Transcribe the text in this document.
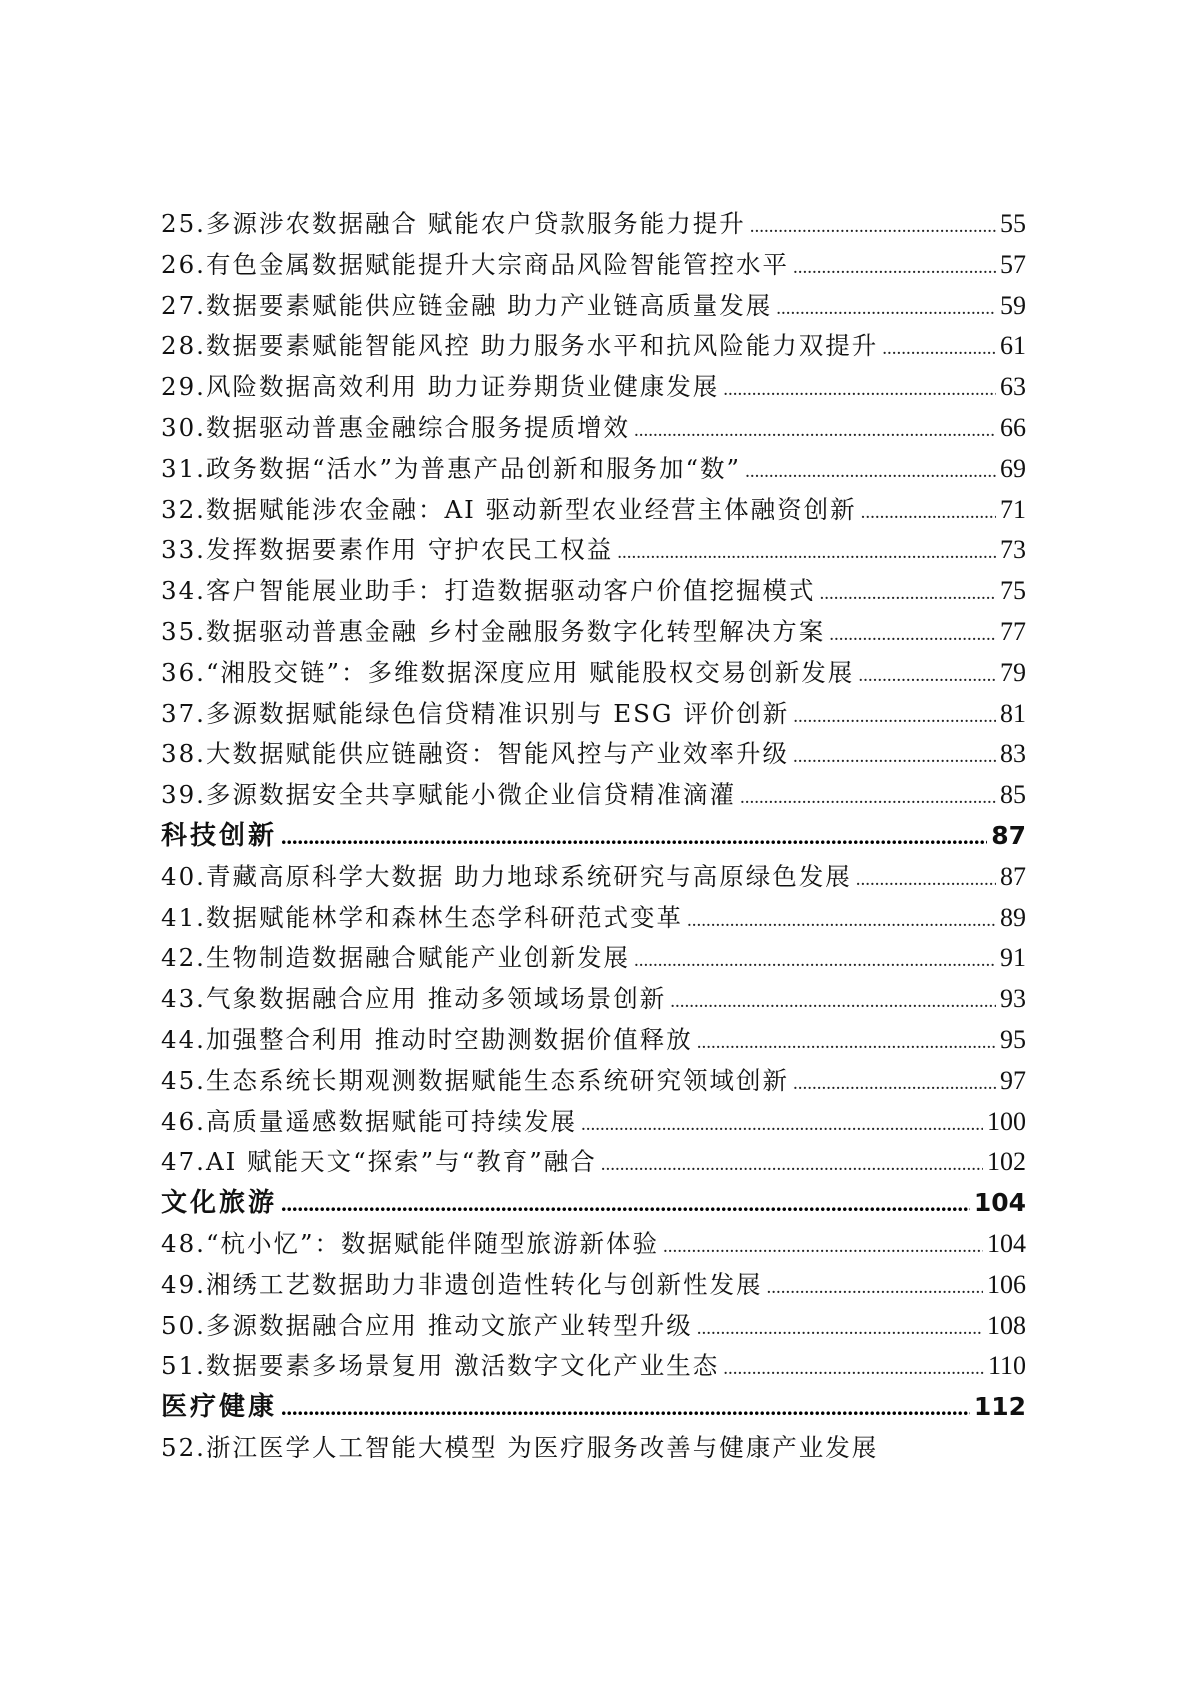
25.多源涉农数据融合 赋能农户贷款服务能力提升 .....	55
26.有色金属数据赋能提升大宗商品风险智能管控水平 .....	57
27.数据要素赋能供应链金融 助力产业链高质量发展 .....	59
28.数据要素赋能智能风控 助力服务水平和抗风险能力双提升 .....	61
29.风险数据高效利用 助力证券期货业健康发展 .....	63
30.数据驱动普惠金融综合服务提质增效 .....	66
31.政务数据“活水”为普惠产品创新和服务加“数” .....	69
32.数据赋能涉农金融：AI 驱动新型农业经营主体融资创新 .....	71
33.发挥数据要素作用 守护农民工权益 .....	73
34.客户智能展业助手：打造数据驱动客户价值挖掘模式 .....	75
35.数据驱动普惠金融 乡村金融服务数字化转型解决方案 .....	77
36.“湘股交链”：多维数据深度应用 赋能股权交易创新发展 .....	79
37.多源数据赋能绿色信贷精准识别与 ESG 评价创新 .....	81
38.大数据赋能供应链融资：智能风控与产业效率升级 .....	83
39.多源数据安全共享赋能小微企业信贷精准滴灌 .....	85
科技创新 .....	87
40.青藏高原科学大数据 助力地球系统研究与高原绿色发展 .....	87
41.数据赋能林学和森林生态学科研范式变革 .....	89
42.生物制造数据融合赋能产业创新发展 .....	91
43.气象数据融合应用 推动多领域场景创新 .....	93
44.加强整合利用 推动时空勘测数据价值释放 .....	95
45.生态系统长期观测数据赋能生态系统研究领域创新 .....	97
46.高质量遥感数据赋能可持续发展 .....	100
47.AI 赋能天文“探索”与“教育”融合 .....	102
文化旅游 .....	104
48.“杭小忆”：数据赋能伴随型旅游新体验 .....	104
49.湘绣工艺数据助力非遗创造性转化与创新性发展 .....	106
50.多源数据融合应用 推动文旅产业转型升级 .....	108
51.数据要素多场景复用 激活数字文化产业生态 .....	110
医疗健康 .....	112
52.浙江医学人工智能大模型 为医疗服务改善与健康产业发展
